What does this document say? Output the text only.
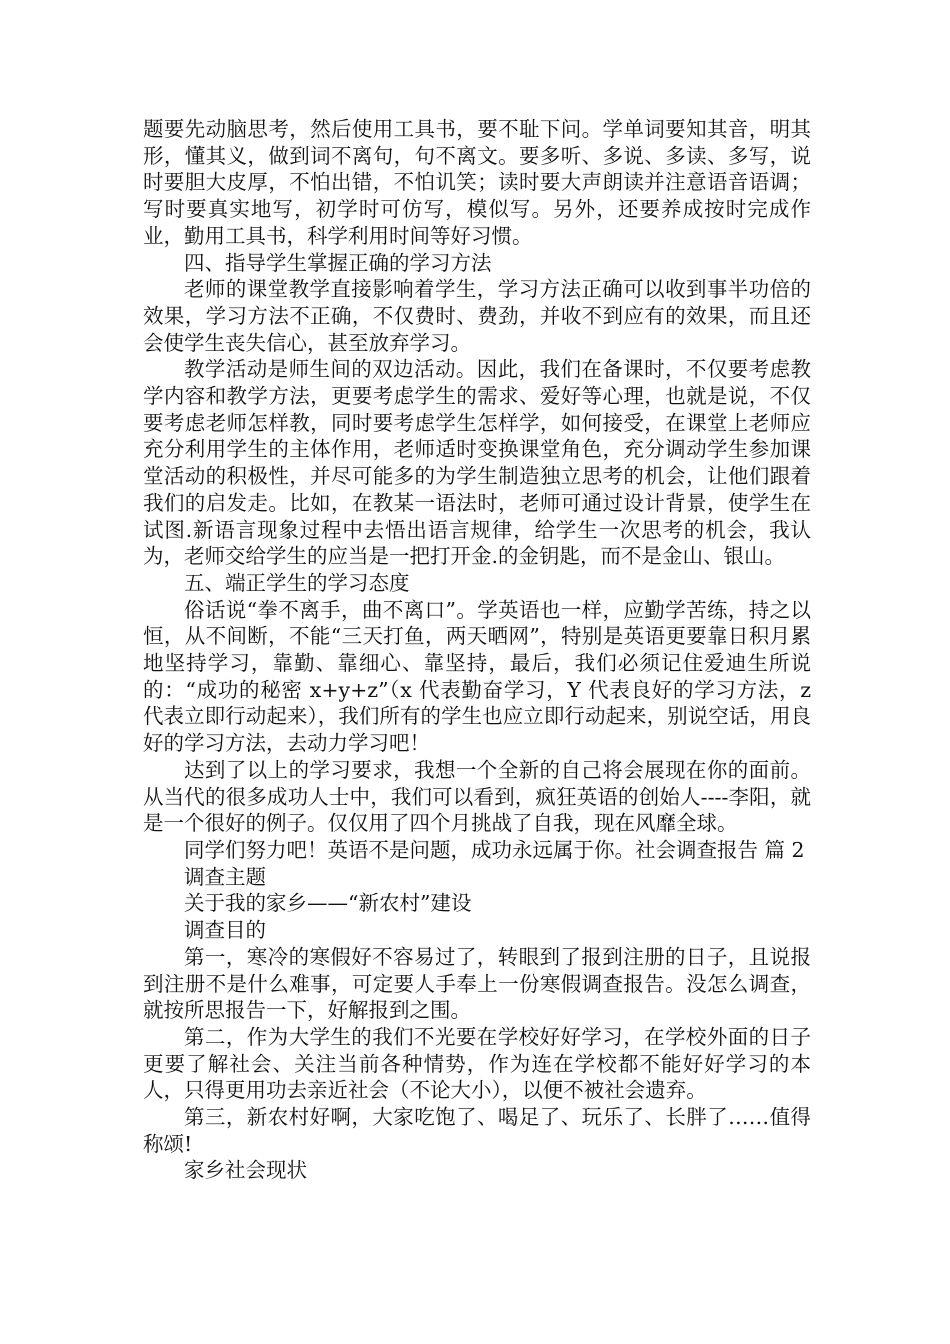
题要先动脑思考，然后使用工具书，要不耻下问。学单词要知其音，明其形，懂其义，做到词不离句，句不离文。要多听、多说、多读、多写，说时要胆大皮厚，不怕出错，不怕讥笑；读时要大声朗读并注意语音语调；写时要真实地写，初学时可仿写，模似写。另外，还要养成按时完成作业，勤用工具书，科学利用时间等好习惯。

四、指导学生掌握正确的学习方法

老师的课堂教学直接影响着学生，学习方法正确可以收到事半功倍的效果，学习方法不正确，不仅费时、费劲，并收不到应有的效果，而且还会使学生丧失信心，甚至放弃学习。

教学活动是师生间的双边活动。因此，我们在备课时，不仅要考虑教学内容和教学方法，更要考虑学生的需求、爱好等心理，也就是说，不仅要考虑老师怎样教，同时要考虑学生怎样学，如何接受，在课堂上老师应充分利用学生的主体作用，老师适时变换课堂角色，充分调动学生参加课堂活动的积极性，并尽可能多的为学生制造独立思考的机会，让他们跟着我们的启发走。比如，在教某一语法时，老师可通过设计背景，使学生在试图.新语言现象过程中去悟出语言规律，给学生一次思考的机会，我认为，老师交给学生的应当是一把打开金.的金钥匙，而不是金山、银山。

五、端正学生的学习态度

俗话说“拳不离手，曲不离口”。学英语也一样，应勤学苦练，持之以恒，从不间断，不能“三天打鱼，两天晒网”，特别是英语更要靠日积月累地坚持学习，靠勤、靠细心、靠坚持，最后，我们必须记住爱迪生所说的：“成功的秘密 x+y+z”（x 代表勤奋学习，Y 代表良好的学习方法，z 代表立即行动起来），我们所有的学生也应立即行动起来，别说空话，用良好的学习方法，去动力学习吧！

达到了以上的学习要求，我想一个全新的自己将会展现在你的面前。从当代的很多成功人士中，我们可以看到，疯狂英语的创始人----李阳，就是一个很好的例子。仅仅用了四个月挑战了自我，现在风靡全球。

同学们努力吧！英语不是问题，成功永远属于你。社会调查报告 篇 2

调查主题

关于我的家乡——“新农村”建设

调查目的

第一，寒冷的寒假好不容易过了，转眼到了报到注册的日子，且说报到注册不是什么难事，可定要人手奉上一份寒假调查报告。没怎么调查，就按所思报告一下，好解报到之围。

第二，作为大学生的我们不光要在学校好好学习，在学校外面的日子更要了解社会、关注当前各种情势，作为连在学校都不能好好学习的本人，只得更用功去亲近社会（不论大小），以便不被社会遗弃。

第三，新农村好啊，大家吃饱了、喝足了、玩乐了、长胖了……值得称颂!

家乡社会现状
